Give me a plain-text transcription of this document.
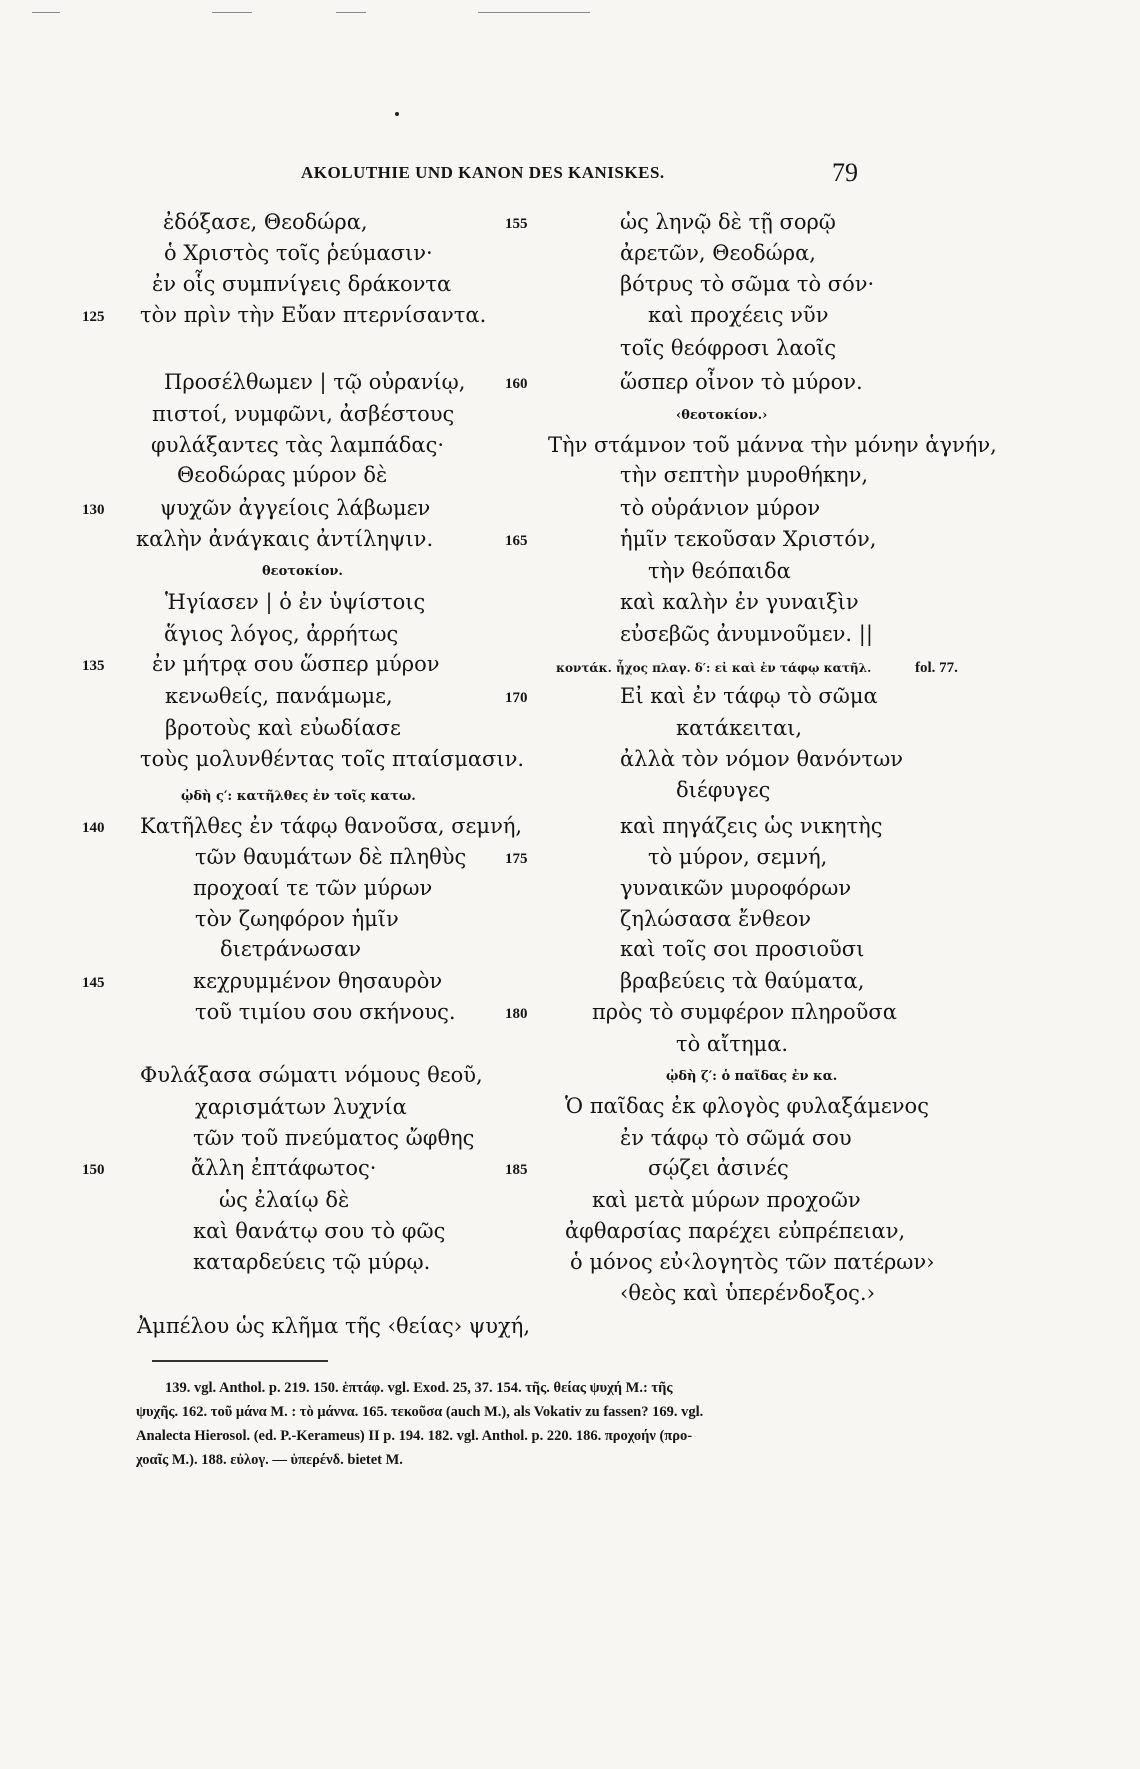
AKOLUTHIE UND KANON DES KANISKES.	79
ἐδόξασε, Θεοδώρα,
ὁ Χριστὸς τοῖς ῥεύμασιν·
ἐν οἷς συμπνίγεις δράκοντα
τὸν πρὶν τὴν Εὔαν πτερνίσαντα.
Προσέλθωμεν | τῷ οὐρανίῳ,
πιστοί, νυμφῶνι, ἀσβέστους
φυλάξαντες τὰς λαμπάδας·
Θεοδώρας μύρον δὲ
ψυχῶν ἀγγείοις λάβωμεν
καλὴν ἀνάγκαις ἀντίληψιν.
θεοτοκίον.
Ἡγίασεν | ὁ ἐν ὑψίστοις
ἅγιος λόγος, ἀρρήτως
ἐν μήτρᾳ σου ὥσπερ μύρον
κενωθείς, πανάμωμε,
βροτοὺς καὶ εὐωδίασε
τοὺς μολυνθέντας τοῖς πταίσμασιν.
ᾠδὴ ς′: κατῆλθες ἐν τοῖς κατω.
Κατῆλθες ἐν τάφῳ θανοῦσα, σεμνή,
τῶν θαυμάτων δὲ πληθὺς
προχοαί τε τῶν μύρων
τὸν ζωηφόρον ἡμῖν
διετράνωσαν
κεχρυμμένον θησαυρὸν
τοῦ τιμίου σου σκήνους.
Φυλάξασα σώματι νόμους θεοῦ,
χαρισμάτων λυχνία
τῶν τοῦ πνεύματος ὤφθης
ἄλλη ἐπτάφωτος·
ὡς ἐλαίῳ δὲ
καὶ θανάτῳ σου τὸ φῶς
καταρδεύεις τῷ μύρῳ.
Ἀμπέλου ὡς κλῆμα τῆς ‹θείας› ψυχή,
125
130
135
140
145
150
155
160
165
170
175
180
185
ὡς ληνῷ δὲ τῇ σορῷ
ἀρετῶν, Θεοδώρα,
βότρυς τὸ σῶμα τὸ σόν·
καὶ προχέεις νῦν
τοῖς θεόφροσι λαοῖς
ὥσπερ οἶνον τὸ μύρον.
‹θεοτοκίον.›
Τὴν στάμνον τοῦ μάννα τὴν μόνην ἁγνήν,
τὴν σεπτὴν μυροθήκην,
τὸ οὐράνιον μύρον
ἡμῖν τεκοῦσαν Χριστόν,
τὴν θεόπαιδα
καὶ καλὴν ἐν γυναιξὶν
εὐσεβῶς ἀνυμνοῦμεν. ||
κοντάκ. ἦχος πλαγ. δ′: εἰ καὶ ἐν τάφῳ κατῆλ.	fol. 77.
Εἰ καὶ ἐν τάφῳ τὸ σῶμα
κατάκειται,
ἀλλὰ τὸν νόμον θανόντων
διέφυγες
καὶ πηγάζεις ὡς νικητὴς
τὸ μύρον, σεμνή,
γυναικῶν μυροφόρων
ζηλώσασα ἔνθεον
καὶ τοῖς σοι προσιοῦσι
βραβεύεις τὰ θαύματα,
πρὸς τὸ συμφέρον πληροῦσα
τὸ αἴτημα.
ᾠδὴ ζ′: ὁ παῖδας ἐν κα.
Ὁ παῖδας ἐκ φλογὸς φυλαξάμενος
ἐν τάφῳ τὸ σῶμά σου
σῴζει ἀσινές
καὶ μετὰ μύρων προχοῶν
ἀφθαρσίας παρέχει εὐπρέπειαν,
ὁ μόνος εὐ‹λογητὸς τῶν πατέρων›
‹θεὸς καὶ ὑπερένδοξος.›
139. vgl. Anthol. p. 219. 150. ἑπτάφ. vgl. Exod. 25, 37. 154. τῆς. θείας ψυχή M.: τῆς
ψυχῆς. 162. τοῦ μάνα M. : τὸ μάννα. 165. τεκοῦσα (auch M.), als Vokativ zu fassen? 169. vgl.
Analecta Hierosol. (ed. P.-Kerameus) II p. 194. 182. vgl. Anthol. p. 220. 186. προχοήν (προ-
χοαῖς M.). 188. εὐλογ. — ὑπερένδ. bietet M.
